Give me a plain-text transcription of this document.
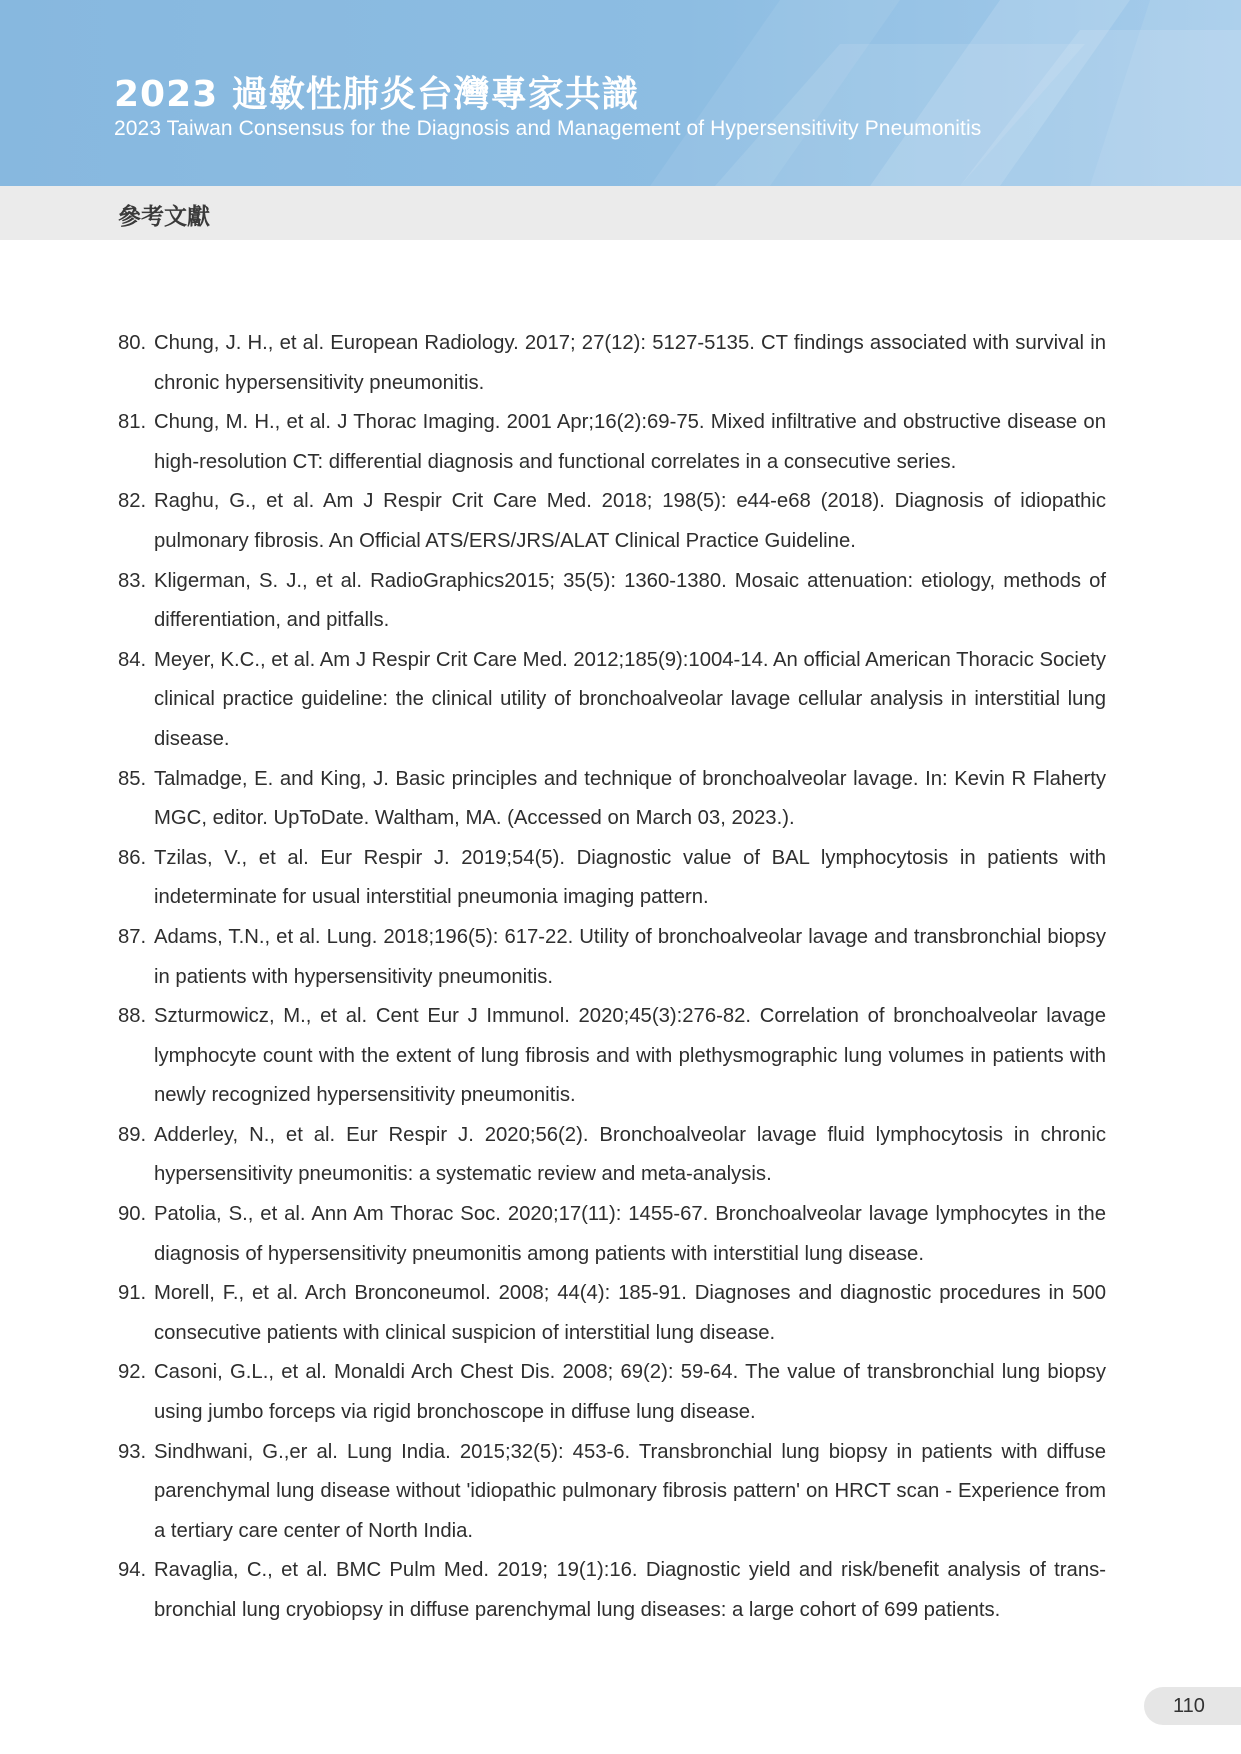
2023 過敏性肺炎台灣專家共識
2023 Taiwan Consensus for the Diagnosis and Management of Hypersensitivity Pneumonitis
參考文獻
80. Chung, J. H., et al. European Radiology. 2017; 27(12): 5127-5135. CT findings associated with survival in chronic hypersensitivity pneumonitis.
81. Chung, M. H., et al. J Thorac Imaging. 2001 Apr;16(2):69-75. Mixed infiltrative and obstructive disease on high-resolution CT: differential diagnosis and functional correlates in a consecutive series.
82. Raghu, G., et al. Am J Respir Crit Care Med. 2018; 198(5): e44-e68 (2018). Diagnosis of idiopathic pulmonary fibrosis. An Official ATS/ERS/JRS/ALAT Clinical Practice Guideline.
83. Kligerman, S. J., et al. RadioGraphics2015; 35(5): 1360-1380. Mosaic attenuation: etiology, methods of differentiation, and pitfalls.
84. Meyer, K.C., et al. Am J Respir Crit Care Med. 2012;185(9):1004-14. An official American Thoracic Society clinical practice guideline: the clinical utility of bronchoalveolar lavage cellular analysis in interstitial lung disease.
85. Talmadge, E. and King, J. Basic principles and technique of bronchoalveolar lavage. In: Kevin R Flaherty MGC, editor. UpToDate. Waltham, MA. (Accessed on March 03, 2023.).
86. Tzilas, V., et al. Eur Respir J. 2019;54(5). Diagnostic value of BAL lymphocytosis in patients with indeterminate for usual interstitial pneumonia imaging pattern.
87. Adams, T.N., et al. Lung. 2018;196(5): 617-22. Utility of bronchoalveolar lavage and transbronchial biopsy in patients with hypersensitivity pneumonitis.
88. Szturmowicz, M., et al. Cent Eur J Immunol. 2020;45(3):276-82. Correlation of bronchoalveolar lavage lymphocyte count with the extent of lung fibrosis and with plethysmographic lung volumes in patients with newly recognized hypersensitivity pneumonitis.
89. Adderley, N., et al. Eur Respir J. 2020;56(2). Bronchoalveolar lavage fluid lymphocytosis in chronic hypersensitivity pneumonitis: a systematic review and meta-analysis.
90. Patolia, S., et al. Ann Am Thorac Soc. 2020;17(11): 1455-67. Bronchoalveolar lavage lymphocytes in the diagnosis of hypersensitivity pneumonitis among patients with interstitial lung disease.
91. Morell, F., et al. Arch Bronconeumol. 2008; 44(4): 185-91. Diagnoses and diagnostic procedures in 500 consecutive patients with clinical suspicion of interstitial lung disease.
92. Casoni, G.L., et al. Monaldi Arch Chest Dis. 2008; 69(2): 59-64. The value of transbronchial lung biopsy using jumbo forceps via rigid bronchoscope in diffuse lung disease.
93. Sindhwani, G.,er al. Lung India. 2015;32(5): 453-6. Transbronchial lung biopsy in patients with diffuse parenchymal lung disease without 'idiopathic pulmonary fibrosis pattern' on HRCT scan - Experience from a tertiary care center of North India.
94. Ravaglia, C., et al. BMC Pulm Med. 2019; 19(1):16. Diagnostic yield and risk/benefit analysis of trans-bronchial lung cryobiopsy in diffuse parenchymal lung diseases: a large cohort of 699 patients.
110
